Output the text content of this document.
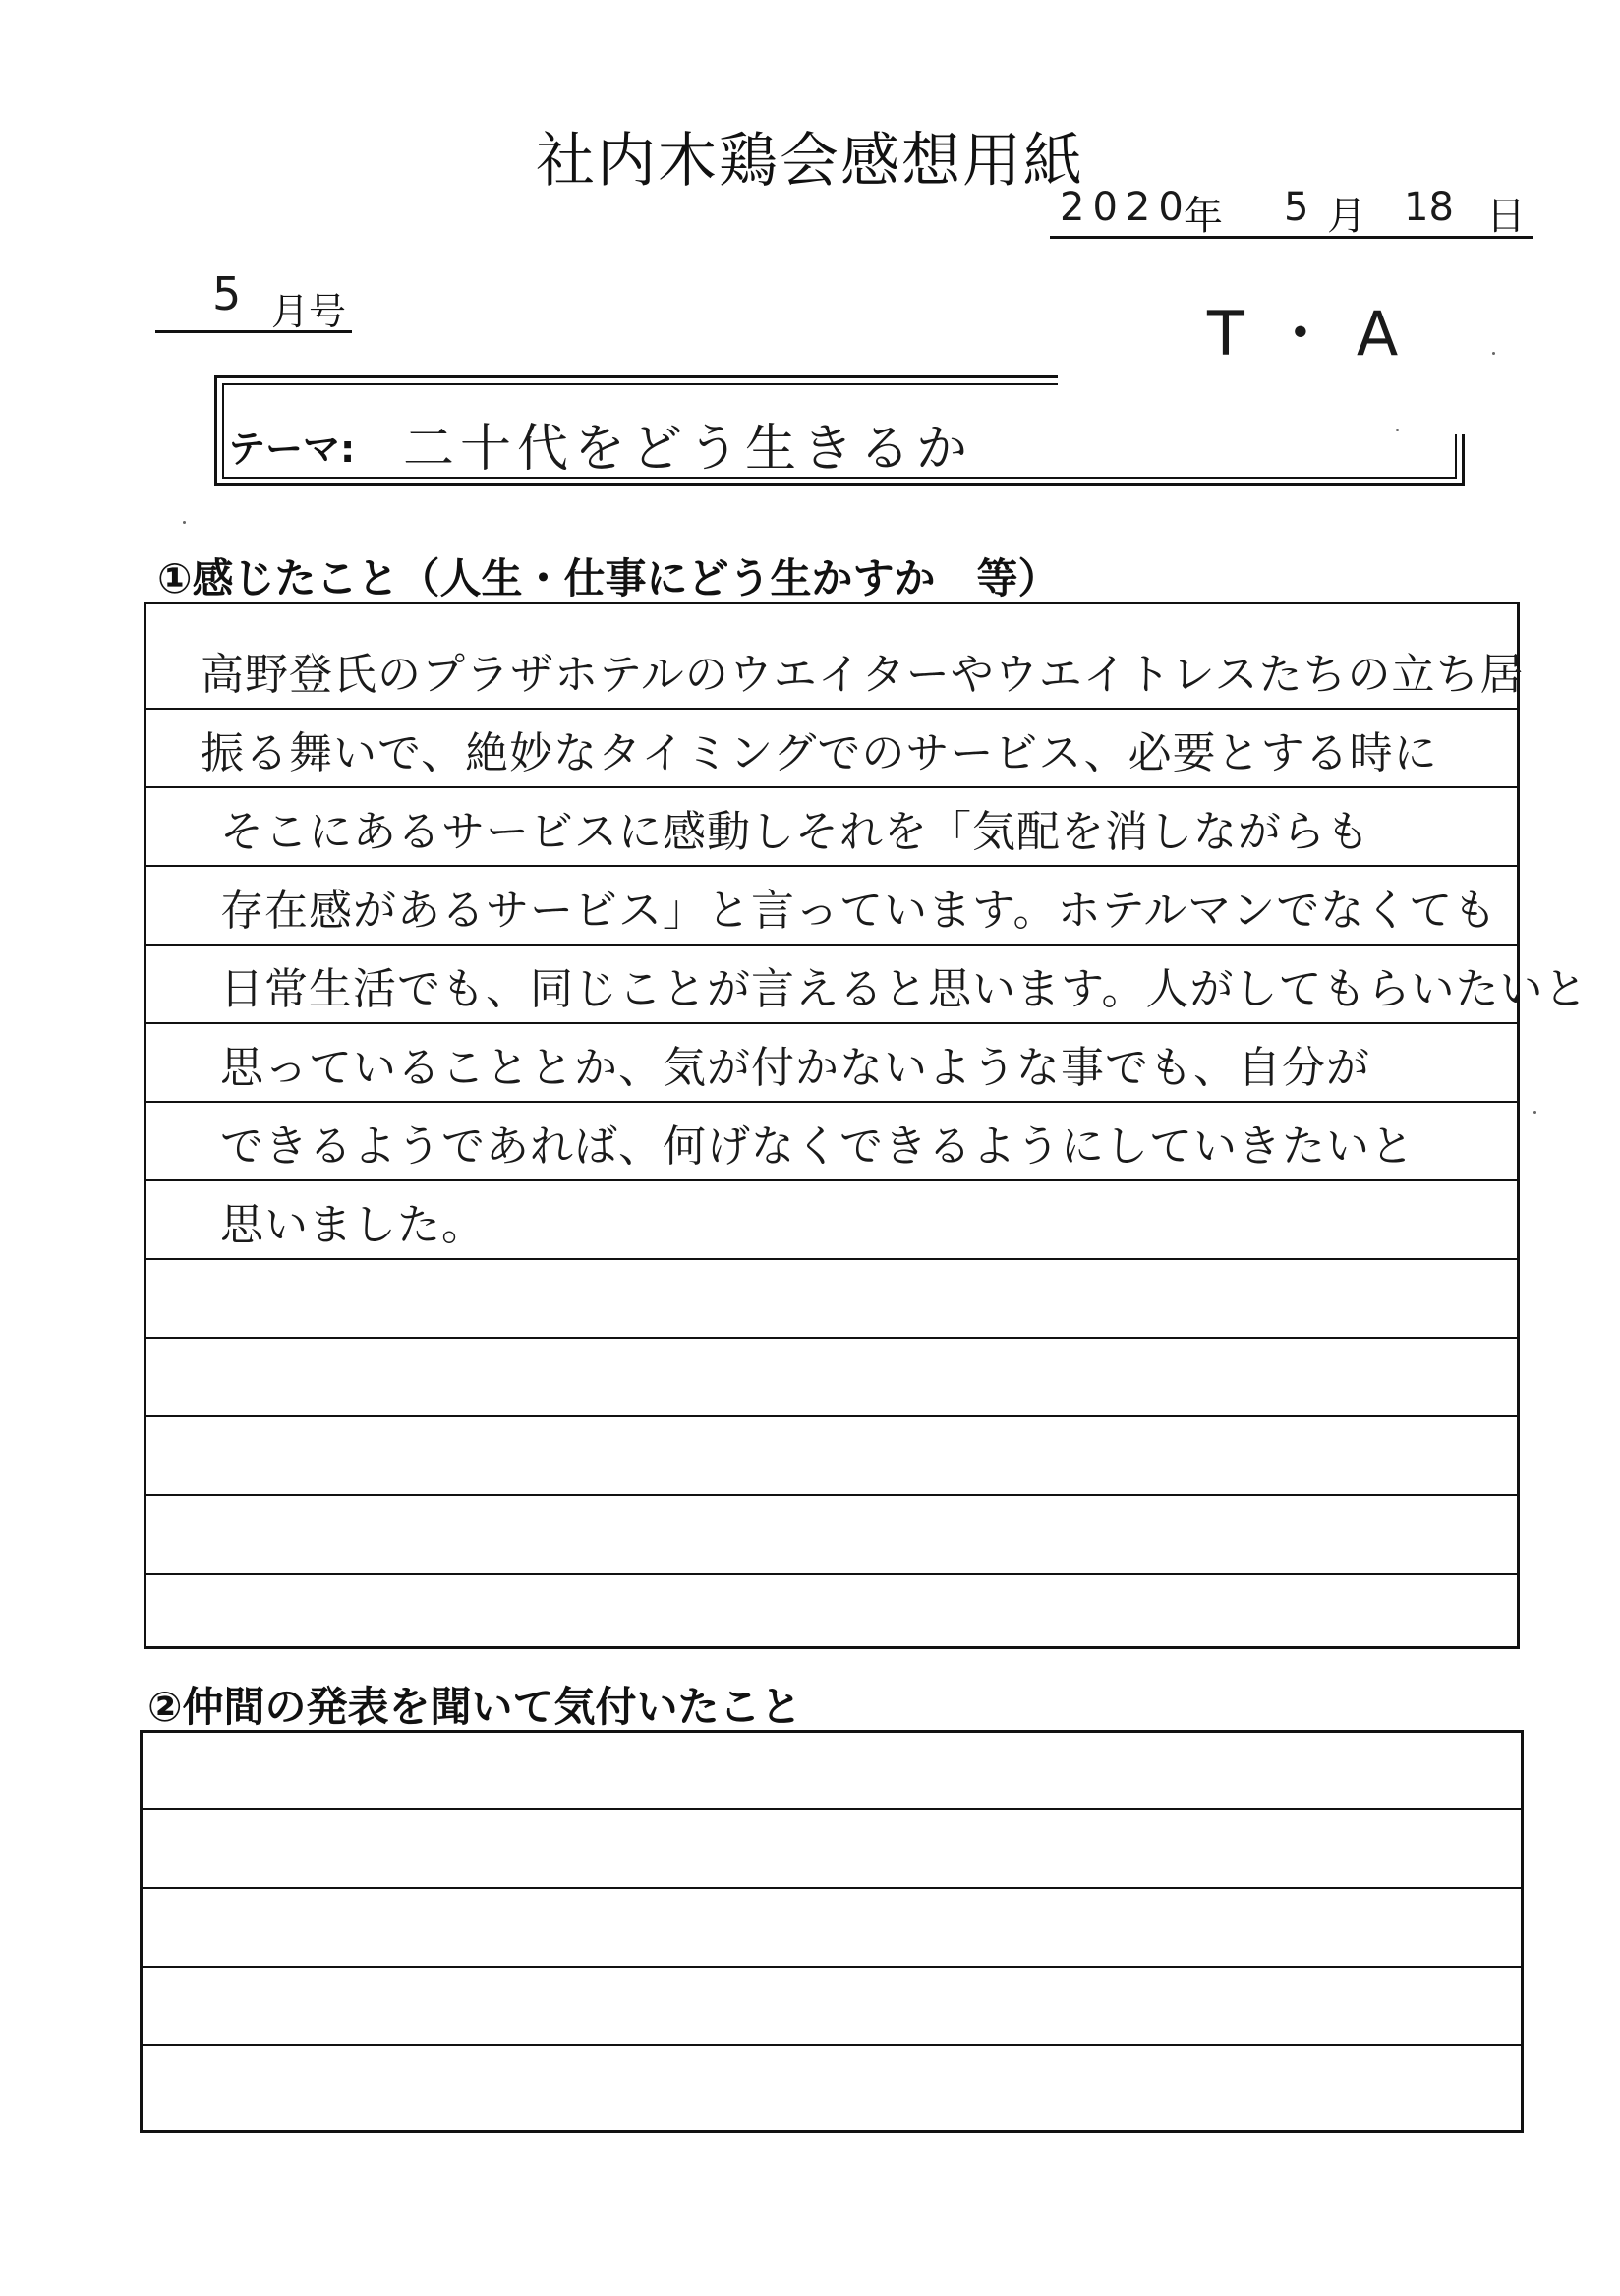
社内木鶏会感想用紙
2020
年 5 月 18 日
5 月号	T・A
テーマ: 二十代をどう生きるか
①感じたこと（人生・仕事にどう生かすか　等）
高野登氏のプラザホテルのウエイターやウエイトレスたちの立ち居
振る舞いで、絶妙なタイミングでのサービス、必要とする時に
そこにあるサービスに感動しそれを「気配を消しながらも
存在感があるサービス」と言っています。ホテルマンでなくても
日常生活でも、同じことが言えると思います。人がしてもらいたいと
思っていることとか、気が付かないような事でも、自分が
できるようであれば、何げなくできるようにしていきたいと
思いました。
②仲間の発表を聞いて気付いたこと
